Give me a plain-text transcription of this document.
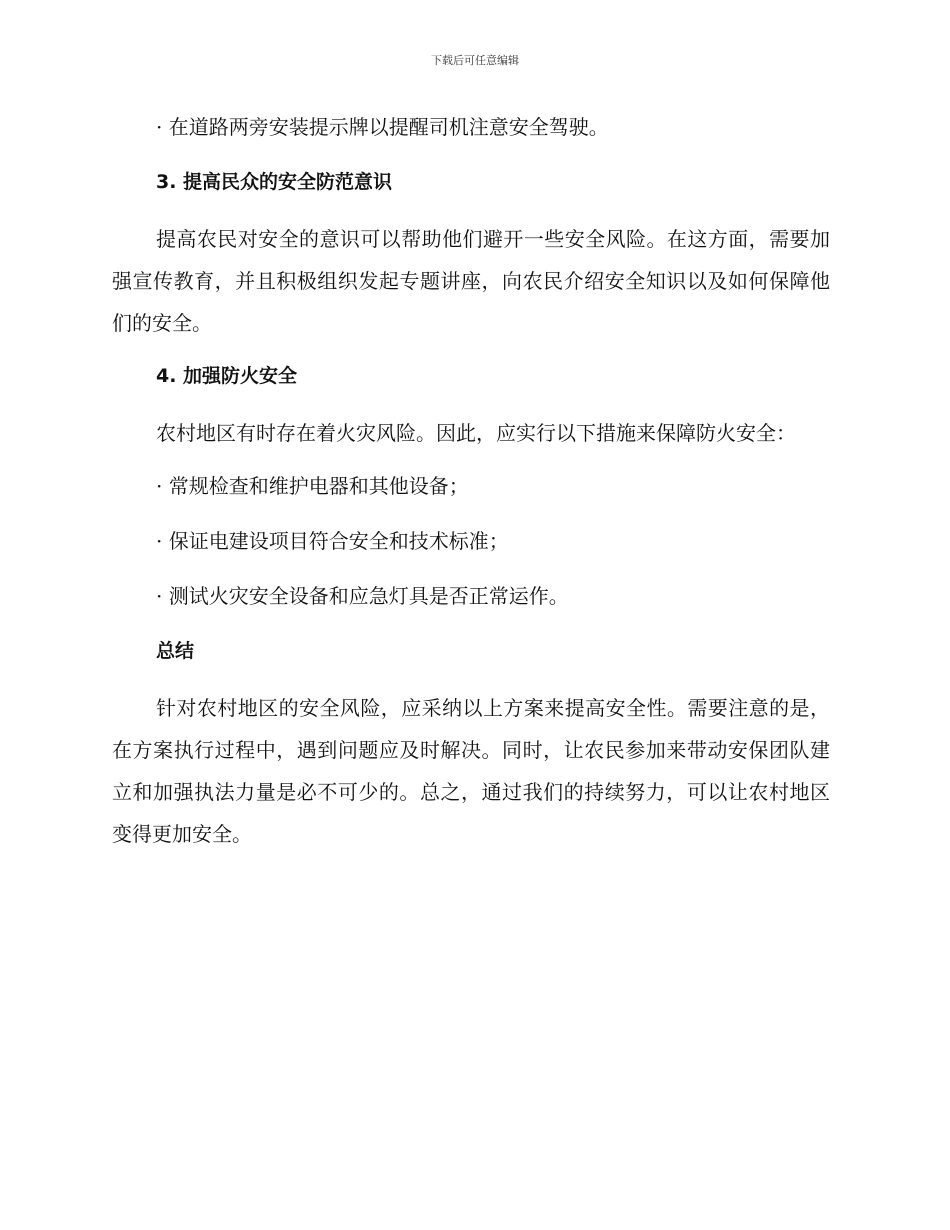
下载后可任意编辑
· 在道路两旁安装提示牌以提醒司机注意安全驾驶。
3. 提高民众的安全防范意识

提高农民对安全的意识可以帮助他们避开一些安全风险。在这方面，需要加强宣传教育，并且积极组织发起专题讲座，向农民介绍安全知识以及如何保障他们的安全。

4. 加强防火安全

农村地区有时存在着火灾风险。因此，应实行以下措施来保障防火安全：

· 常规检查和维护电器和其他设备；
· 保证电建设项目符合安全和技术标准；
· 测试火灾安全设备和应急灯具是否正常运作。
总结

针对农村地区的安全风险，应采纳以上方案来提高安全性。需要注意的是，在方案执行过程中，遇到问题应及时解决。同时，让农民参加来带动安保团队建立和加强执法力量是必不可少的。总之，通过我们的持续努力，可以让农村地区变得更加安全。
